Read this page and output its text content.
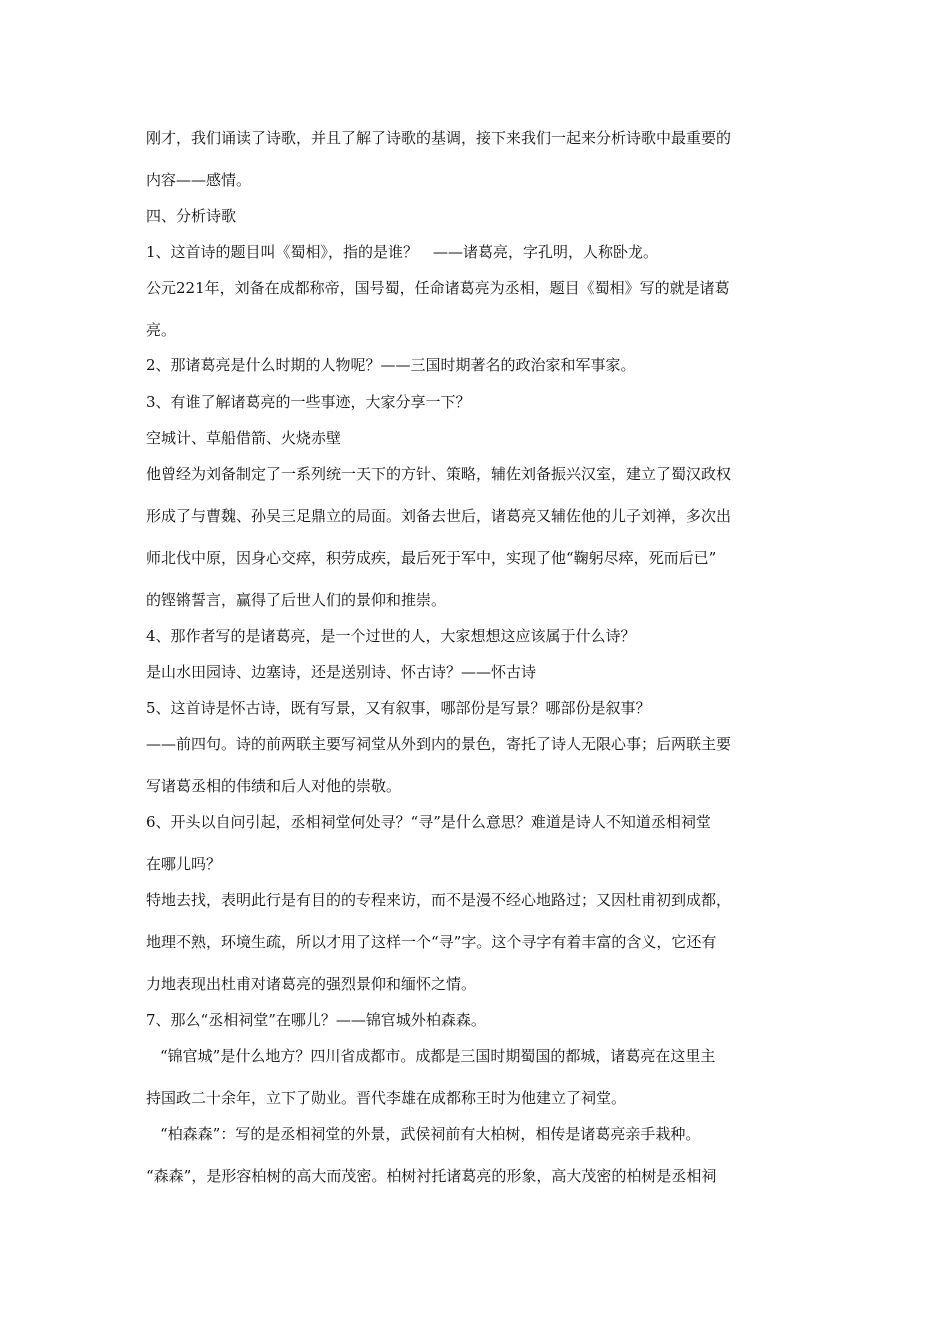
刚才，我们诵读了诗歌，并且了解了诗歌的基调，接下来我们一起来分析诗歌中最重要的
内容——感情。
四、分析诗歌
1、这首诗的题目叫《蜀相》，指的是谁？　——诸葛亮，字孔明，人称卧龙。
公元221年，刘备在成都称帝，国号蜀，任命诸葛亮为丞相，题目《蜀相》写的就是诸葛
亮。
2、那诸葛亮是什么时期的人物呢？——三国时期著名的政治家和军事家。
3、有谁了解诸葛亮的一些事迹，大家分享一下？
空城计、草船借箭、火烧赤壁
他曾经为刘备制定了一系列统一天下的方针、策略，辅佐刘备振兴汉室，建立了蜀汉政权
形成了与曹魏、孙吴三足鼎立的局面。刘备去世后，诸葛亮又辅佐他的儿子刘禅，多次出
师北伐中原，因身心交瘁，积劳成疾，最后死于军中，实现了他“鞠躬尽瘁，死而后已”
的铿锵誓言，赢得了后世人们的景仰和推崇。
4、那作者写的是诸葛亮，是一个过世的人，大家想想这应该属于什么诗？
是山水田园诗、边塞诗，还是送别诗、怀古诗？——怀古诗
5、这首诗是怀古诗，既有写景，又有叙事，哪部份是写景？哪部份是叙事？
——前四句。诗的前两联主要写祠堂从外到内的景色，寄托了诗人无限心事；后两联主要
写诸葛丞相的伟绩和后人对他的崇敬。
6、开头以自问引起，丞相祠堂何处寻？“寻”是什么意思？难道是诗人不知道丞相祠堂
在哪儿吗？
特地去找，表明此行是有目的的专程来访，而不是漫不经心地路过；又因杜甫初到成都，
地理不熟，环境生疏，所以才用了这样一个“寻”字。这个寻字有着丰富的含义，它还有
力地表现出杜甫对诸葛亮的强烈景仰和缅怀之情。
7、那么“丞相祠堂”在哪儿？——锦官城外柏森森。
“锦官城”是什么地方？四川省成都市。成都是三国时期蜀国的都城，诸葛亮在这里主
持国政二十余年，立下了勋业。晋代李雄在成都称王时为他建立了祠堂。
“柏森森”：写的是丞相祠堂的外景，武侯祠前有大柏树，相传是诸葛亮亲手栽种。
“森森”，是形容柏树的高大而茂密。柏树衬托诸葛亮的形象，高大茂密的柏树是丞相祠
